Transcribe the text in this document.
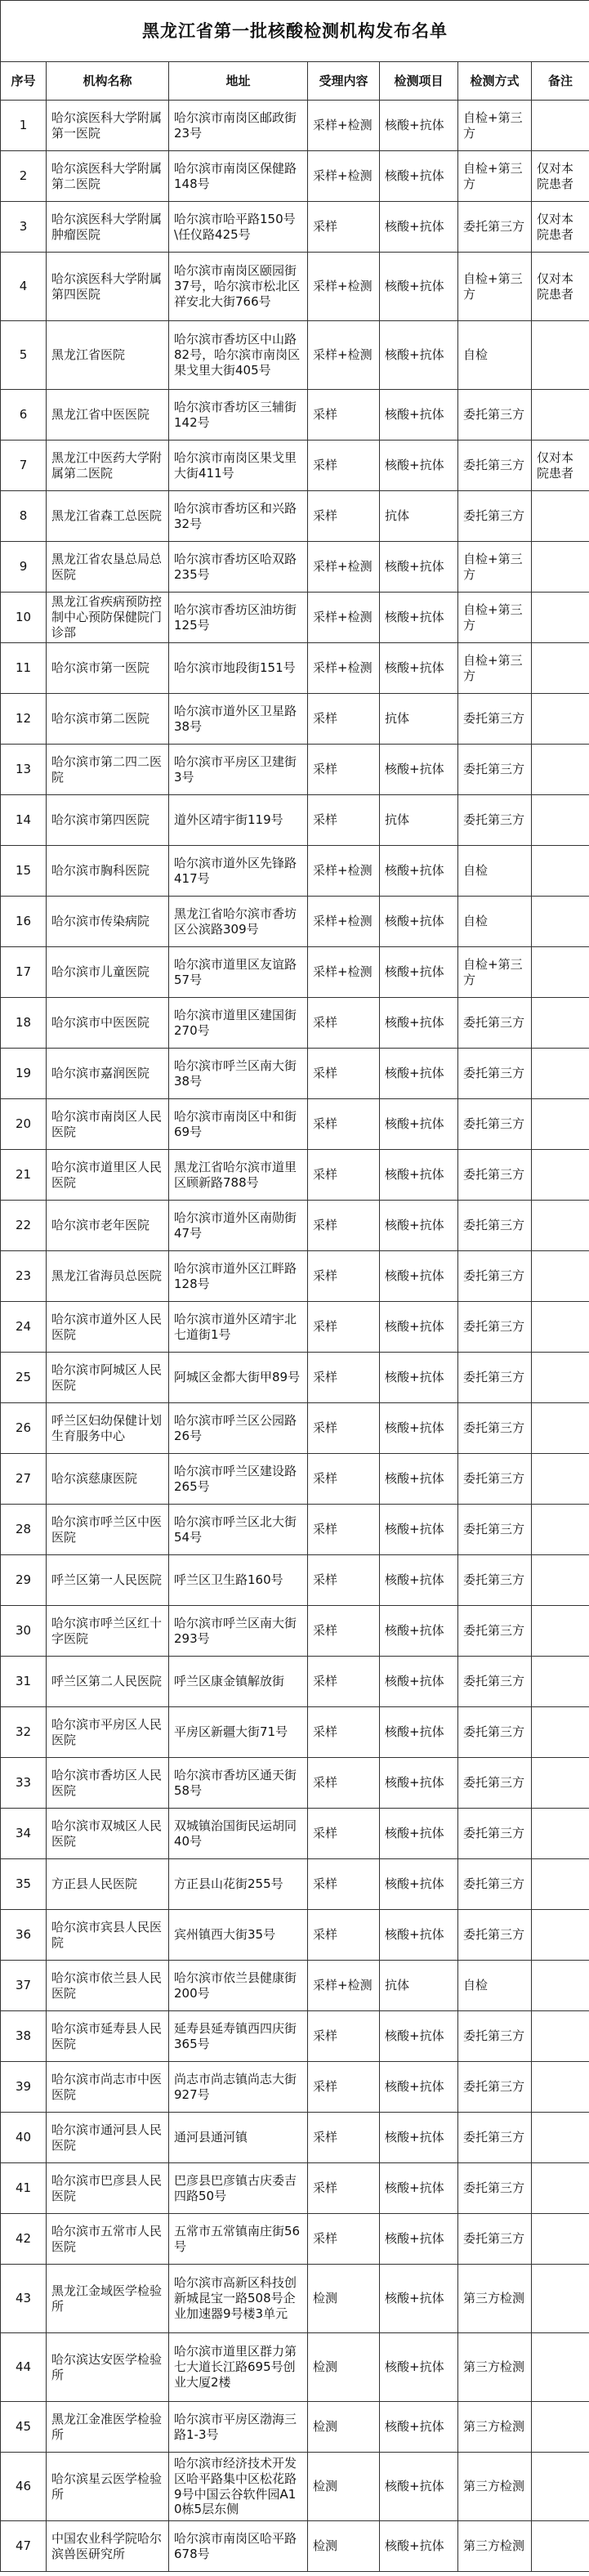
黑龙江省第一批核酸检测机构发布名单						
序号	机构名称	地址	受理内容	检测项目	检测方式	备注
1	哈尔滨医科大学附属第一医院	哈尔滨市南岗区邮政街23号	采样+检测	核酸+抗体	自检+第三方	
2	哈尔滨医科大学附属第二医院	哈尔滨市南岗区保健路148号	采样+检测	核酸+抗体	自检+第三方	仅对本院患者
3	哈尔滨医科大学附属肿瘤医院	哈尔滨市哈平路150号\任仪路425号	采样	核酸+抗体	委托第三方	仅对本院患者
4	哈尔滨医科大学附属第四医院	哈尔滨市南岗区颐园街37号，哈尔滨市松北区祥安北大街766号	采样+检测	核酸+抗体	自检+第三方	仅对本院患者
5	黑龙江省医院	哈尔滨市香坊区中山路82号，哈尔滨市南岗区果戈里大街405号	采样+检测	核酸+抗体	自检	
6	黑龙江省中医医院	哈尔滨市香坊区三辅街142号	采样	核酸+抗体	委托第三方	
7	黑龙江中医药大学附属第二医院	哈尔滨市南岗区果戈里大街411号	采样	核酸+抗体	委托第三方	仅对本院患者
8	黑龙江省森工总医院	哈尔滨市香坊区和兴路32号	采样	抗体	委托第三方	
9	黑龙江省农垦总局总医院	哈尔滨市香坊区哈双路235号	采样+检测	核酸+抗体	自检+第三方	
10	黑龙江省疾病预防控制中心预防保健院门诊部	哈尔滨市香坊区油坊街125号	采样+检测	核酸+抗体	自检+第三方	
11	哈尔滨市第一医院	哈尔滨市地段街151号	采样+检测	核酸+抗体	自检+第三方	
12	哈尔滨市第二医院	哈尔滨市道外区卫星路38号	采样	抗体	委托第三方	
13	哈尔滨市第二四二医院	哈尔滨市平房区卫建街3号	采样	核酸+抗体	委托第三方	
14	哈尔滨市第四医院	道外区靖宇街119号	采样	抗体	委托第三方	
15	哈尔滨市胸科医院	哈尔滨市道外区先锋路417号	采样+检测	核酸+抗体	自检	
16	哈尔滨市传染病院	黑龙江省哈尔滨市香坊区公滨路309号	采样+检测	核酸+抗体	自检	
17	哈尔滨市儿童医院	哈尔滨市道里区友谊路57号	采样+检测	核酸+抗体	自检+第三方	
18	哈尔滨市中医医院	哈尔滨市道里区建国街270号	采样	核酸+抗体	委托第三方	
19	哈尔滨市嘉润医院	哈尔滨市呼兰区南大街38号	采样	核酸+抗体	委托第三方	
20	哈尔滨市南岗区人民医院	哈尔滨市南岗区中和街69号	采样	核酸+抗体	委托第三方	
21	哈尔滨市道里区人民医院	黑龙江省哈尔滨市道里区顾新路788号	采样	核酸+抗体	委托第三方	
22	哈尔滨市老年医院	哈尔滨市道外区南勋街47号	采样	核酸+抗体	委托第三方	
23	黑龙江省海员总医院	哈尔滨市道外区江畔路128号	采样	核酸+抗体	委托第三方	
24	哈尔滨市道外区人民医院	哈尔滨市道外区靖宇北七道街1号	采样	核酸+抗体	委托第三方	
25	哈尔滨市阿城区人民医院	阿城区金都大街甲89号	采样	核酸+抗体	委托第三方	
26	呼兰区妇幼保健计划生育服务中心	哈尔滨市呼兰区公园路26号	采样	核酸+抗体	委托第三方	
27	哈尔滨慈康医院	哈尔滨市呼兰区建设路265号	采样	核酸+抗体	委托第三方	
28	哈尔滨市呼兰区中医医院	哈尔滨市呼兰区北大街54号	采样	核酸+抗体	委托第三方	
29	呼兰区第一人民医院	呼兰区卫生路160号	采样	核酸+抗体	委托第三方	
30	哈尔滨市呼兰区红十字医院	哈尔滨市呼兰区南大街293号	采样	核酸+抗体	委托第三方	
31	呼兰区第二人民医院	呼兰区康金镇解放街	采样	核酸+抗体	委托第三方	
32	哈尔滨市平房区人民医院	平房区新疆大街71号	采样	核酸+抗体	委托第三方	
33	哈尔滨市香坊区人民医院	哈尔滨市香坊区通天街58号	采样	核酸+抗体	委托第三方	
34	哈尔滨市双城区人民医院	双城镇治国街民运胡同40号	采样	核酸+抗体	委托第三方	
35	方正县人民医院	方正县山花街255号	采样	核酸+抗体	委托第三方	
36	哈尔滨市宾县人民医院	宾州镇西大街35号	采样	核酸+抗体	委托第三方	
37	哈尔滨市依兰县人民医院	哈尔滨市依兰县健康街200号	采样+检测	抗体	自检	
38	哈尔滨市延寿县人民医院	延寿县延寿镇西四庆街365号	采样	核酸+抗体	委托第三方	
39	哈尔滨市尚志市中医医院	尚志市尚志镇尚志大街927号	采样	核酸+抗体	委托第三方	
40	哈尔滨市通河县人民医院	通河县通河镇	采样	核酸+抗体	委托第三方	
41	哈尔滨市巴彦县人民医院	巴彦县巴彦镇古庆委吉四路50号	采样	核酸+抗体	委托第三方	
42	哈尔滨市五常市人民医院	五常市五常镇南庄街56号	采样	核酸+抗体	委托第三方	
43	黑龙江金域医学检验所	哈尔滨市高新区科技创新城昆宝一路508号企业加速器9号楼3单元	检测	核酸+抗体	第三方检测	
44	哈尔滨达安医学检验所	哈尔滨市道里区群力第七大道长江路695号创业大厦2楼	检测	核酸+抗体	第三方检测	
45	黑龙江金准医学检验所	哈尔滨市平房区渤海三路1-3号	检测	核酸+抗体	第三方检测	
46	哈尔滨星云医学检验所	哈尔滨市经济技术开发区哈平路集中区松花路9号中国云谷软件园A10栋5层东侧	检测	核酸+抗体	第三方检测	
47	中国农业科学院哈尔滨兽医研究所	哈尔滨市南岗区哈平路678号	检测	核酸+抗体	第三方检测	
